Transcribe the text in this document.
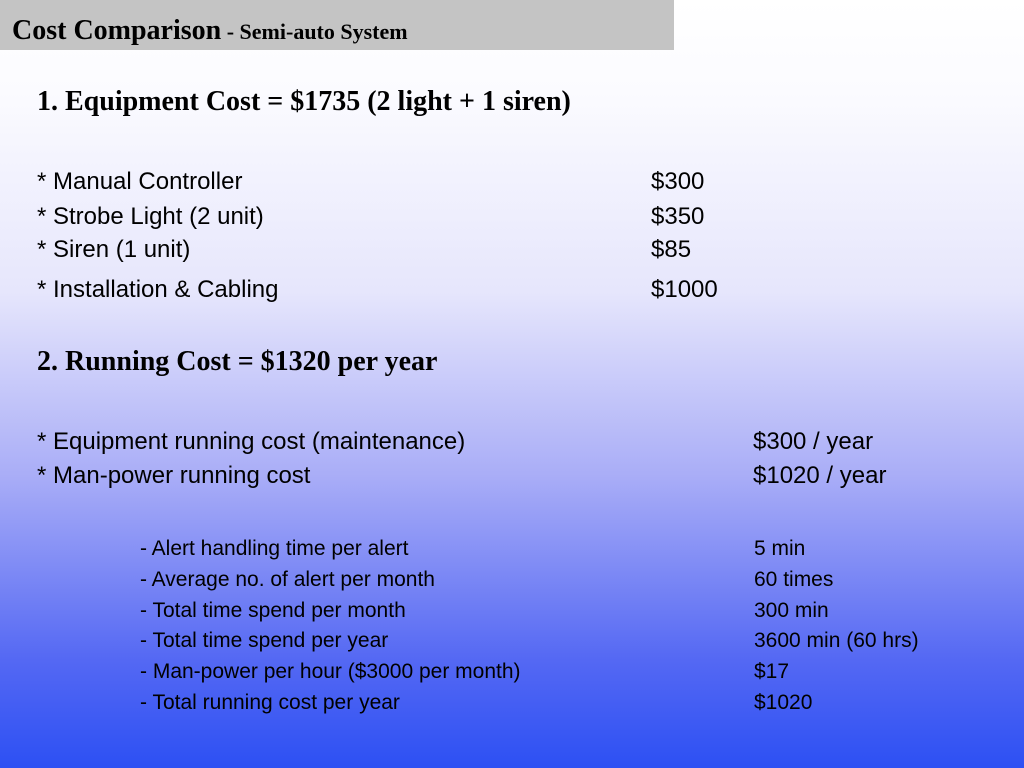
Cost Comparison - Semi-auto System
1. Equipment Cost = $1735 (2 light + 1 siren)
* Manual Controller	$300
* Strobe Light (2 unit)	$350
* Siren (1 unit)	$85
* Installation & Cabling	$1000
2. Running Cost = $1320 per year
* Equipment running cost (maintenance)	$300 / year
* Man-power running cost	$1020 / year
- Alert handling time per alert	5 min
- Average no. of alert per month	60 times
- Total time spend per month	300 min
- Total time spend per year	3600 min (60 hrs)
- Man-power per hour ($3000 per month)	$17
- Total running cost per year	$1020
